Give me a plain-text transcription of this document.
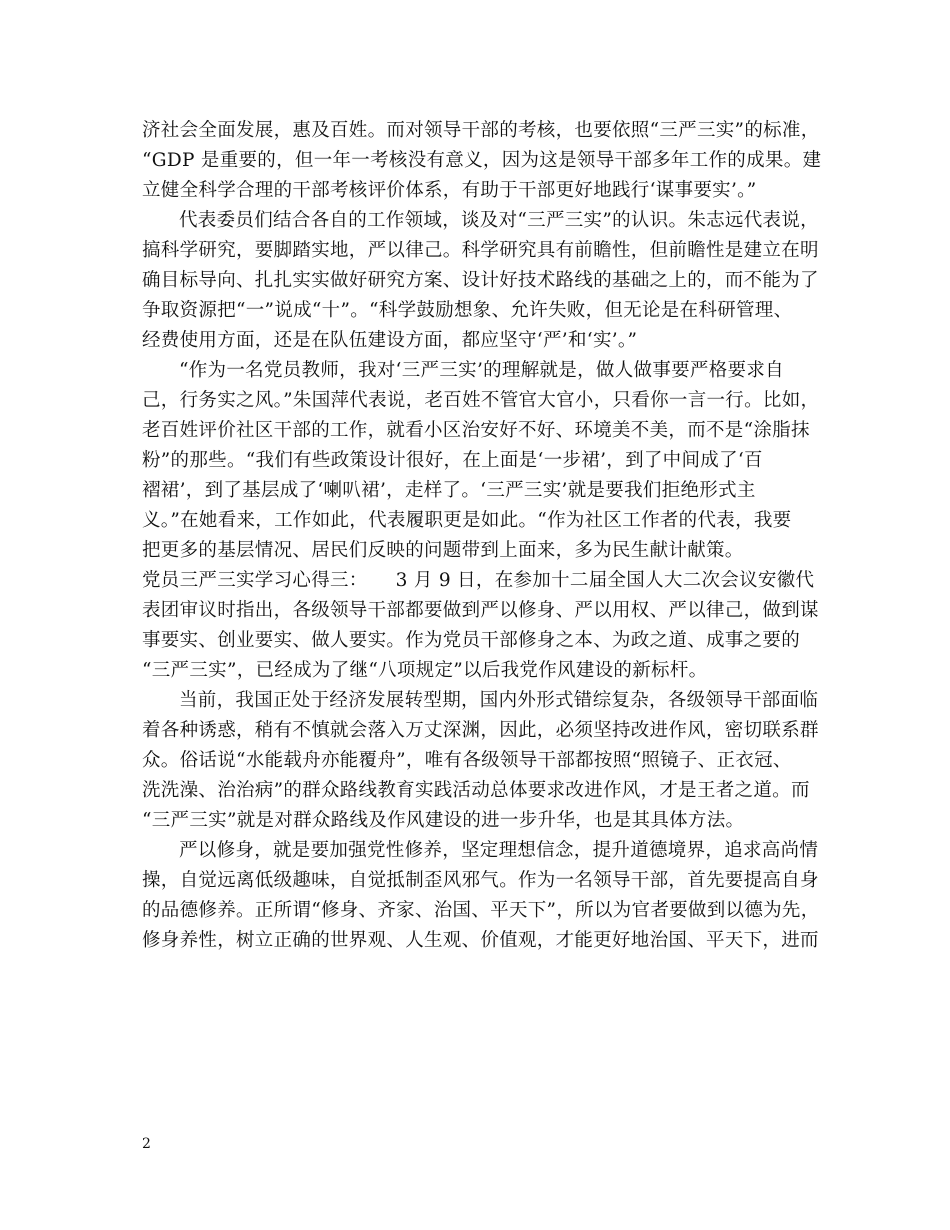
济社会全面发展，惠及百姓。而对领导干部的考核，也要依照“三严三实”的标准，

“GDP 是重要的，但一年一考核没有意义，因为这是领导干部多年工作的成果。建

立健全科学合理的干部考核评价体系，有助于干部更好地践行‘谋事要实’。”

代表委员们结合各自的工作领域，谈及对“三严三实”的认识。朱志远代表说，

搞科学研究，要脚踏实地，严以律己。科学研究具有前瞻性，但前瞻性是建立在明

确目标导向、扎扎实实做好研究方案、设计好技术路线的基础之上的，而不能为了

争取资源把“一”说成“十”。“科学鼓励想象、允许失败，但无论是在科研管理、

经费使用方面，还是在队伍建设方面，都应坚守‘严’和‘实’。”

“作为一名党员教师，我对‘三严三实’的理解就是，做人做事要严格要求自

己，行务实之风。”朱国萍代表说，老百姓不管官大官小，只看你一言一行。比如，

老百姓评价社区干部的工作，就看小区治安好不好、环境美不美，而不是“涂脂抹

粉”的那些。“我们有些政策设计很好，在上面是‘一步裙’，到了中间成了‘百

褶裙’，到了基层成了‘喇叭裙’，走样了。‘三严三实’就是要我们拒绝形式主

义。”在她看来，工作如此，代表履职更是如此。“作为社区工作者的代表，我要

把更多的基层情况、居民们反映的问题带到上面来，多为民生献计献策。

党员三严三实学习心得三： 3 月 9 日，在参加十二届全国人大二次会议安徽代

表团审议时指出，各级领导干部都要做到严以修身、严以用权、严以律己，做到谋

事要实、创业要实、做人要实。作为党员干部修身之本、为政之道、成事之要的

“三严三实”，已经成为了继“八项规定”以后我党作风建设的新标杆。

当前，我国正处于经济发展转型期，国内外形式错综复杂，各级领导干部面临

着各种诱惑，稍有不慎就会落入万丈深渊，因此，必须坚持改进作风，密切联系群

众。俗话说“水能载舟亦能覆舟”，唯有各级领导干部都按照“照镜子、正衣冠、

洗洗澡、治治病”的群众路线教育实践活动总体要求改进作风，才是王者之道。而

“三严三实”就是对群众路线及作风建设的进一步升华，也是其具体方法。

严以修身，就是要加强党性修养，坚定理想信念，提升道德境界，追求高尚情

操，自觉远离低级趣味，自觉抵制歪风邪气。作为一名领导干部，首先要提高自身

的品德修养。正所谓“修身、齐家、治国、平天下”，所以为官者要做到以德为先，

修身养性，树立正确的世界观、人生观、价值观，才能更好地治国、平天下，进而

2
